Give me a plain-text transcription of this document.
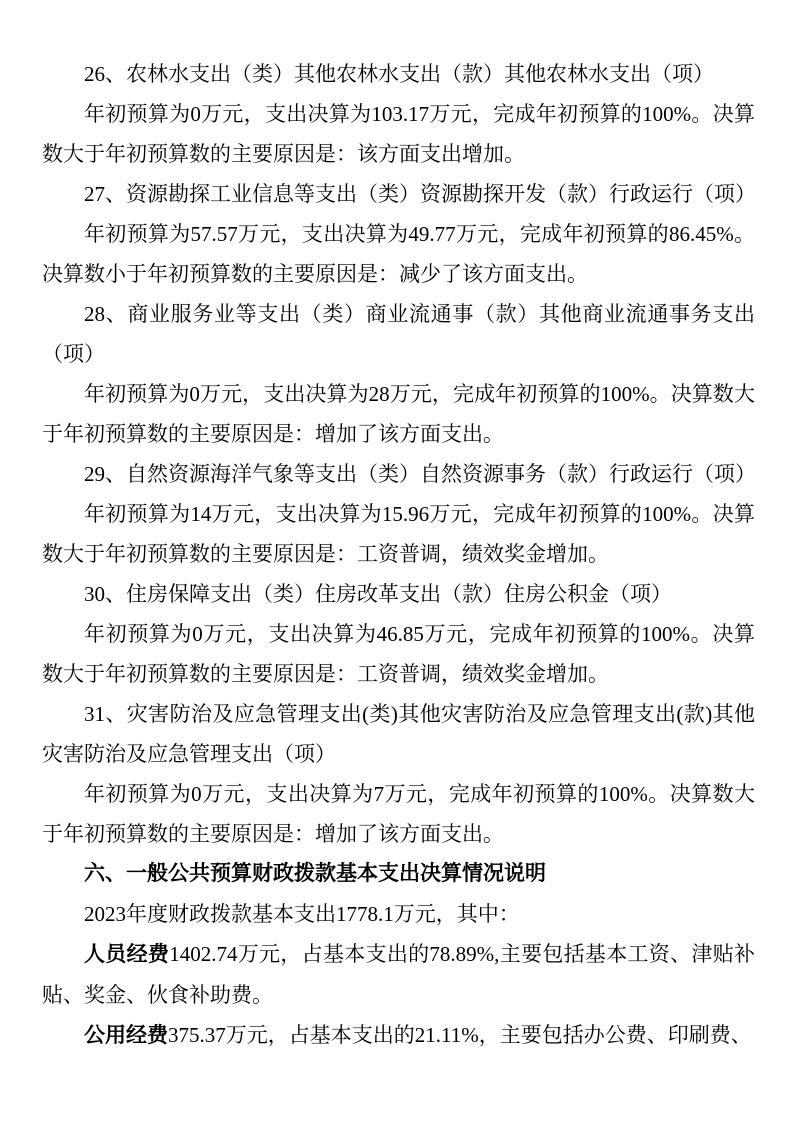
26、农林水支出（类）其他农林水支出（款）其他农林水支出（项）

年初预算为0万元，支出决算为103.17万元，完成年初预算的100%。决算数大于年初预算数的主要原因是：该方面支出增加。

27、资源勘探工业信息等支出（类）资源勘探开发（款）行政运行（项）

年初预算为57.57万元，支出决算为49.77万元，完成年初预算的86.45%。决算数小于年初预算数的主要原因是：减少了该方面支出。

28、商业服务业等支出（类）商业流通事（款）其他商业流通事务支出（项）

年初预算为0万元，支出决算为28万元，完成年初预算的100%。决算数大于年初预算数的主要原因是：增加了该方面支出。

29、自然资源海洋气象等支出（类）自然资源事务（款）行政运行（项）

年初预算为14万元，支出决算为15.96万元，完成年初预算的100%。决算数大于年初预算数的主要原因是：工资普调，绩效奖金增加。

30、住房保障支出（类）住房改革支出（款）住房公积金（项）

年初预算为0万元，支出决算为46.85万元，完成年初预算的100%。决算数大于年初预算数的主要原因是：工资普调，绩效奖金增加。

31、灾害防治及应急管理支出(类)其他灾害防治及应急管理支出(款)其他灾害防治及应急管理支出（项）

年初预算为0万元，支出决算为7万元，完成年初预算的100%。决算数大于年初预算数的主要原因是：增加了该方面支出。

六、一般公共预算财政拨款基本支出决算情况说明

2023年度财政拨款基本支出1778.1万元，其中：

人员经费1402.74万元，占基本支出的78.89%,主要包括基本工资、津贴补贴、奖金、伙食补助费。

公用经费375.37万元，占基本支出的21.11%，主要包括办公费、印刷费、
